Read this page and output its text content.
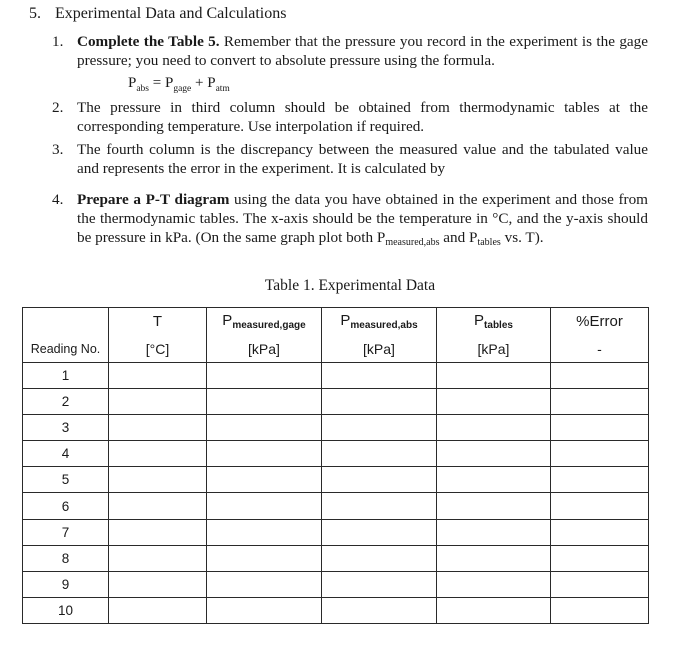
5. Experimental Data and Calculations
1. Complete the Table 5. Remember that the pressure you record in the experiment is the gage pressure; you need to convert to absolute pressure using the formula.
$P_{abs} = P_{gage} + P_{atm}$
2. The pressure in third column should be obtained from thermodynamic tables at the corresponding temperature. Use interpolation if required.
3. The fourth column is the discrepancy between the measured value and the tabulated value and represents the error in the experiment. It is calculated by
4. Prepare a P-T diagram using the data you have obtained in the experiment and those from the thermodynamic tables. The x-axis should be the temperature in °C, and the y-axis should be pressure in kPa. (On the same graph plot both $P_{measured,abs}$ and $P_{tables}$ vs. T).
Table 1. Experimental Data
	T	$P_{measured,gage}$	$P_{measured,abs}$	$P_{tables}$	%Error
Reading No.	[°C]	[kPa]	[kPa]	[kPa]	-
1					
2					
3					
4					
5					
6					
7					
8					
9					
10					
